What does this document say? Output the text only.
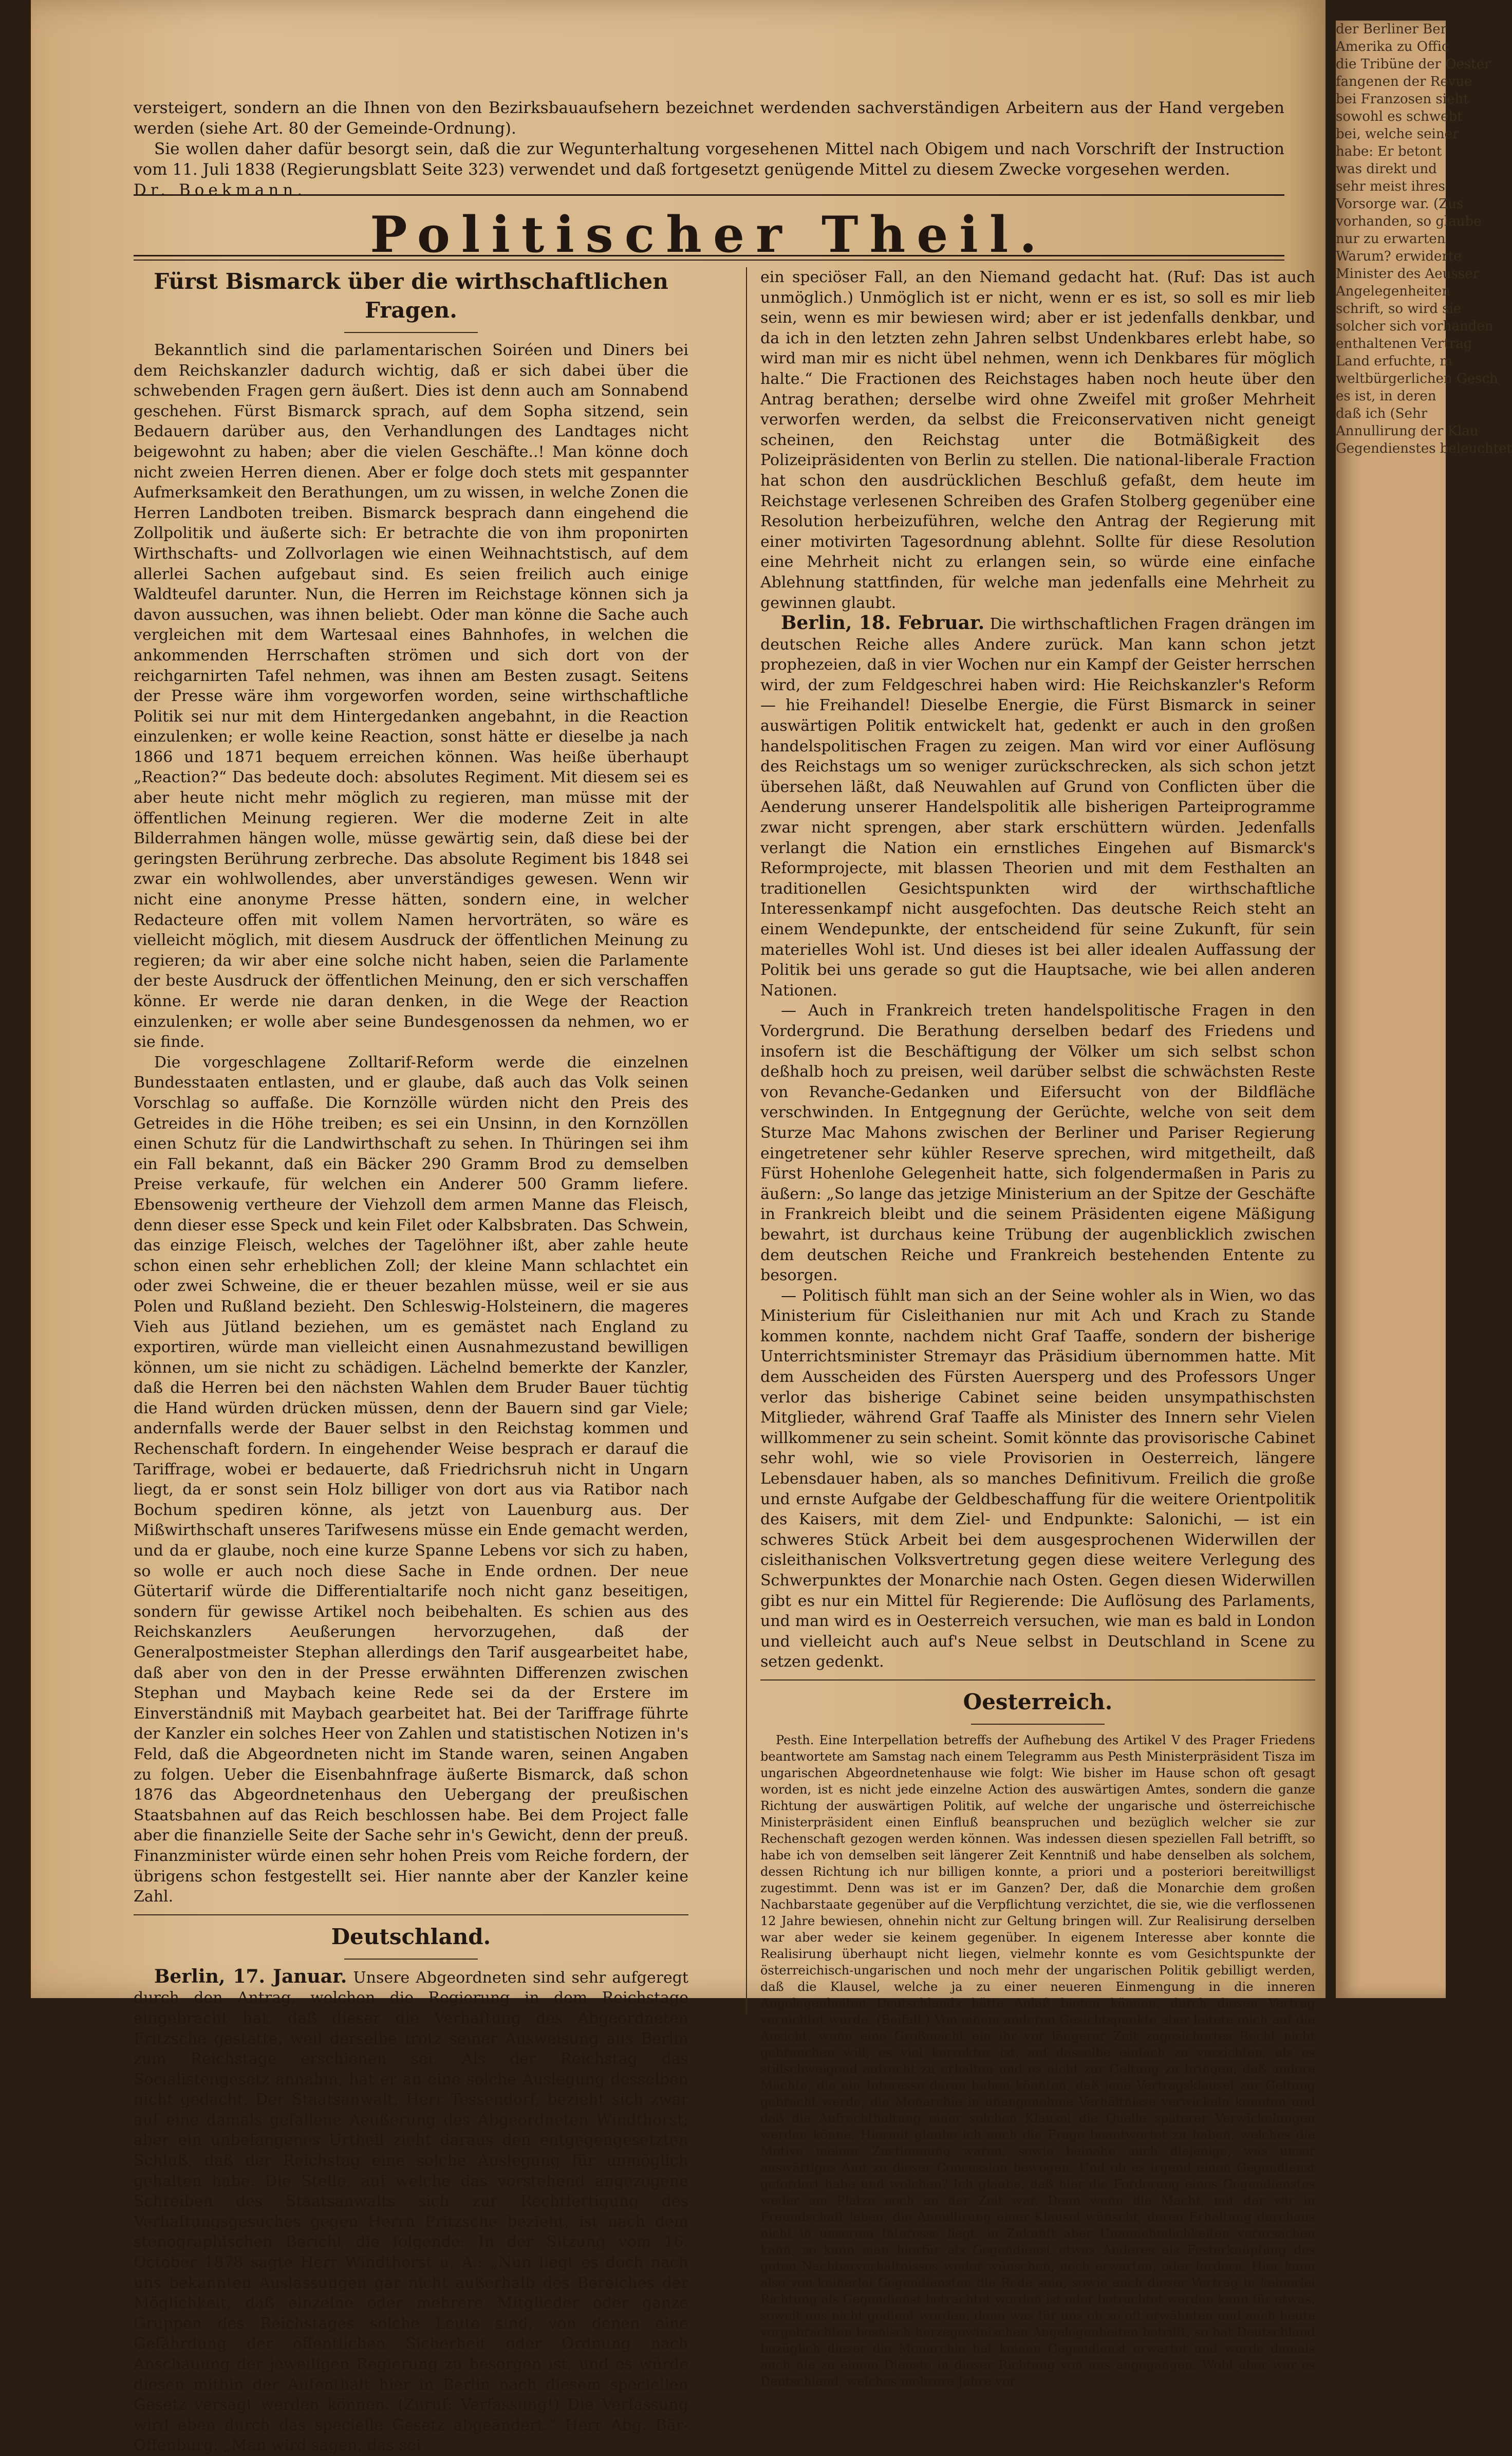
versteigert, sondern an die Ihnen von den Bezirksbauaufsehern bezeichnet werdenden sachverständigen Arbeitern aus der Hand vergeben werden (siehe Art. 80 der Gemeinde-Ordnung).

Sie wollen daher dafür besorgt sein, daß die zur Wegunterhaltung vorgesehenen Mittel nach Obigem und nach Vorschrift der Instruction vom 11. Juli 1838 (Regierungsblatt Seite 323) verwendet und daß fortgesetzt genügende Mittel zu diesem Zwecke vorgesehen werden.

Dr. Boekmann.

Politischer Theil.
Fürst Bismarck über die wirthschaftlichen Fragen.

Bekanntlich sind die parlamentarischen Soiréen und Diners bei dem Reichskanzler dadurch wichtig, daß er sich dabei über die schwebenden Fragen gern äußert. Dies ist denn auch am Sonnabend geschehen. Fürst Bismarck sprach, auf dem Sopha sitzend, sein Bedauern darüber aus, den Verhandlungen des Landtages nicht beigewohnt zu haben; aber die vielen Geschäfte..! Man könne doch nicht zweien Herren dienen. Aber er folge doch stets mit gespannter Aufmerksamkeit den Berathungen, um zu wissen, in welche Zonen die Herren Landboten treiben. Bismarck besprach dann eingehend die Zollpolitik und äußerte sich: Er betrachte die von ihm proponirten Wirthschafts- und Zollvorlagen wie einen Weihnachtstisch, auf dem allerlei Sachen aufgebaut sind. Es seien freilich auch einige Waldteufel darunter. Nun, die Herren im Reichstage können sich ja davon aussuchen, was ihnen beliebt. Oder man könne die Sache auch vergleichen mit dem Wartesaal eines Bahnhofes, in welchen die ankommenden Herrschaften strömen und sich dort von der reichgarnirten Tafel nehmen, was ihnen am Besten zusagt. Seitens der Presse wäre ihm vorgeworfen worden, seine wirthschaftliche Politik sei nur mit dem Hintergedanken angebahnt, in die Reaction einzulenken; er wolle keine Reaction, sonst hätte er dieselbe ja nach 1866 und 1871 bequem erreichen können. Was heiße überhaupt „Reaction?“ Das bedeute doch: absolutes Regiment. Mit diesem sei es aber heute nicht mehr möglich zu regieren, man müsse mit der öffentlichen Meinung regieren. Wer die moderne Zeit in alte Bilderrahmen hängen wolle, müsse gewärtig sein, daß diese bei der geringsten Berührung zerbreche. Das absolute Regiment bis 1848 sei zwar ein wohlwollendes, aber unverständiges gewesen. Wenn wir nicht eine anonyme Presse hätten, sondern eine, in welcher Redacteure offen mit vollem Namen hervorträten, so wäre es vielleicht möglich, mit diesem Ausdruck der öffentlichen Meinung zu regieren; da wir aber eine solche nicht haben, seien die Parlamente der beste Ausdruck der öffentlichen Meinung, den er sich verschaffen könne. Er werde nie daran denken, in die Wege der Reaction einzulenken; er wolle aber seine Bundesgenossen da nehmen, wo er sie finde.

Die vorgeschlagene Zolltarif-Reform werde die einzelnen Bundesstaaten entlasten, und er glaube, daß auch das Volk seinen Vorschlag so auffaße. Die Kornzölle würden nicht den Preis des Getreides in die Höhe treiben; es sei ein Unsinn, in den Kornzöllen einen Schutz für die Landwirthschaft zu sehen. In Thüringen sei ihm ein Fall bekannt, daß ein Bäcker 290 Gramm Brod zu demselben Preise verkaufe, für welchen ein Anderer 500 Gramm liefere. Ebensowenig vertheure der Viehzoll dem armen Manne das Fleisch, denn dieser esse Speck und kein Filet oder Kalbsbraten. Das Schwein, das einzige Fleisch, welches der Tagelöhner ißt, aber zahle heute schon einen sehr erheblichen Zoll; der kleine Mann schlachtet ein oder zwei Schweine, die er theuer bezahlen müsse, weil er sie aus Polen und Rußland bezieht. Den Schleswig-Holsteinern, die mageres Vieh aus Jütland beziehen, um es gemästet nach England zu exportiren, würde man vielleicht einen Ausnahmezustand bewilligen können, um sie nicht zu schädigen. Lächelnd bemerkte der Kanzler, daß die Herren bei den nächsten Wahlen dem Bruder Bauer tüchtig die Hand würden drücken müssen, denn der Bauern sind gar Viele; andernfalls werde der Bauer selbst in den Reichstag kommen und Rechenschaft fordern. In eingehender Weise besprach er darauf die Tariffrage, wobei er bedauerte, daß Friedrichsruh nicht in Ungarn liegt, da er sonst sein Holz billiger von dort aus via Ratibor nach Bochum spediren könne, als jetzt von Lauenburg aus. Der Mißwirthschaft unseres Tarifwesens müsse ein Ende gemacht werden, und da er glaube, noch eine kurze Spanne Lebens vor sich zu haben, so wolle er auch noch diese Sache in Ende ordnen. Der neue Gütertarif würde die Differentialtarife noch nicht ganz beseitigen, sondern für gewisse Artikel noch beibehalten. Es schien aus des Reichskanzlers Aeußerungen hervorzugehen, daß der Generalpostmeister Stephan allerdings den Tarif ausgearbeitet habe, daß aber von den in der Presse erwähnten Differenzen zwischen Stephan und Maybach keine Rede sei da der Erstere im Einverständniß mit Maybach gearbeitet hat. Bei der Tariffrage führte der Kanzler ein solches Heer von Zahlen und statistischen Notizen in's Feld, daß die Abgeordneten nicht im Stande waren, seinen Angaben zu folgen. Ueber die Eisenbahnfrage äußerte Bismarck, daß schon 1876 das Abgeordnetenhaus den Uebergang der preußischen Staatsbahnen auf das Reich beschlossen habe. Bei dem Project falle aber die finanzielle Seite der Sache sehr in's Gewicht, denn der preuß. Finanzminister würde einen sehr hohen Preis vom Reiche fordern, der übrigens schon festgestellt sei. Hier nannte aber der Kanzler keine Zahl.

Deutschland.

Berlin, 17. Januar. Unsere Abgeordneten sind sehr aufgeregt durch den Antrag, welchen die Regierung in dem Reichstage eingebracht hat, daß dieser die Verhaftung des Abgeordneten Fritzsche gestatte, weil derselbe trotz seiner Ausweisung aus Berlin zum Reichstage erschienen sei. Als der Reichstag das Socialistengesetz annahm, hat er an eine solche Auslegung desselben nicht gedacht. Der Staatsanwalt, Herr Tessendorf, bezieht sich zwar auf eine damals gefallene Aeußerung des Abgeordneten Windthorst; aber ein unbefangenes Urtheil zieht daraus den entgegengesetzten Schluß, daß der Reichstag eine solche Auslegung für unmöglich gehalten habe. Die Stelle, auf welche das vorstehend angezogene Schreiben des Staatsanwalts sich zur Rechtfertigung des Verhaftungsgesuches gegen Herrn Fritzsche bezieht, ist nach dem stenographischen Bericht die folgende: In der Sitzung vom 16. October 1878 sagte Herr Windthorst u. A.: „Nun liegt es doch nach uns bekannten Auslassungen gar nicht außerhalb des Bereiches der Möglichkeit, daß einzelne oder mehrere Mitglieder oder ganze Gruppen des Reichstages solche Leute sind, von denen eine Gefährdung der öffentlichen Sicherheit oder Ordnung nach Anschauung der jeweiligen Regierung zu besorgen ist, und es würde diesen mithin der Aufenthalt hier in Berlin nach diesem speciellen Gesetz versagt werden können. (Zuruf: Verfassung!) Die Verfassung wird eben durch das specielle Gesetz abgeändert.“ Herr Abg. Bär-Offenburg: „Man wird sagen, das sei

ein speciöser Fall, an den Niemand gedacht hat. (Ruf: Das ist auch unmöglich.) Unmöglich ist er nicht, wenn er es ist, so soll es mir lieb sein, wenn es mir bewiesen wird; aber er ist jedenfalls denkbar, und da ich in den letzten zehn Jahren selbst Undenkbares erlebt habe, so wird man mir es nicht übel nehmen, wenn ich Denkbares für möglich halte.“ Die Fractionen des Reichstages haben noch heute über den Antrag berathen; derselbe wird ohne Zweifel mit großer Mehrheit verworfen werden, da selbst die Freiconservativen nicht geneigt scheinen, den Reichstag unter die Botmäßigkeit des Polizeipräsidenten von Berlin zu stellen. Die national-liberale Fraction hat schon den ausdrücklichen Beschluß gefaßt, dem heute im Reichstage verlesenen Schreiben des Grafen Stolberg gegenüber eine Resolution herbeizuführen, welche den Antrag der Regierung mit einer motivirten Tagesordnung ablehnt. Sollte für diese Resolution eine Mehrheit nicht zu erlangen sein, so würde eine einfache Ablehnung stattfinden, für welche man jedenfalls eine Mehrheit zu gewinnen glaubt.

Berlin, 18. Februar. Die wirthschaftlichen Fragen drängen im deutschen Reiche alles Andere zurück. Man kann schon jetzt prophezeien, daß in vier Wochen nur ein Kampf der Geister herrschen wird, der zum Feldgeschrei haben wird: Hie Reichskanzler's Reform — hie Freihandel! Dieselbe Energie, die Fürst Bismarck in seiner auswärtigen Politik entwickelt hat, gedenkt er auch in den großen handelspolitischen Fragen zu zeigen. Man wird vor einer Auflösung des Reichstags um so weniger zurückschrecken, als sich schon jetzt übersehen läßt, daß Neuwahlen auf Grund von Conflicten über die Aenderung unserer Handelspolitik alle bisherigen Parteiprogramme zwar nicht sprengen, aber stark erschüttern würden. Jedenfalls verlangt die Nation ein ernstliches Eingehen auf Bismarck's Reformprojecte, mit blassen Theorien und mit dem Festhalten an traditionellen Gesichtspunkten wird der wirthschaftliche Interessenkampf nicht ausgefochten. Das deutsche Reich steht an einem Wendepunkte, der entscheidend für seine Zukunft, für sein materielles Wohl ist. Und dieses ist bei aller idealen Auffassung der Politik bei uns gerade so gut die Hauptsache, wie bei allen anderen Nationen.

— Auch in Frankreich treten handelspolitische Fragen in den Vordergrund. Die Berathung derselben bedarf des Friedens und insofern ist die Beschäftigung der Völker um sich selbst schon deßhalb hoch zu preisen, weil darüber selbst die schwächsten Reste von Revanche-Gedanken und Eifersucht von der Bildfläche verschwinden. In Entgegnung der Gerüchte, welche von seit dem Sturze Mac Mahons zwischen der Berliner und Pariser Regierung eingetretener sehr kühler Reserve sprechen, wird mitgetheilt, daß Fürst Hohenlohe Gelegenheit hatte, sich folgendermaßen in Paris zu äußern: „So lange das jetzige Ministerium an der Spitze der Geschäfte in Frankreich bleibt und die seinem Präsidenten eigene Mäßigung bewahrt, ist durchaus keine Trübung der augenblicklich zwischen dem deutschen Reiche und Frankreich bestehenden Entente zu besorgen.

— Politisch fühlt man sich an der Seine wohler als in Wien, wo das Ministerium für Cisleithanien nur mit Ach und Krach zu Stande kommen konnte, nachdem nicht Graf Taaffe, sondern der bisherige Unterrichtsminister Stremayr das Präsidium übernommen hatte. Mit dem Ausscheiden des Fürsten Auersperg und des Professors Unger verlor das bisherige Cabinet seine beiden unsympathischsten Mitglieder, während Graf Taaffe als Minister des Innern sehr Vielen willkommener zu sein scheint. Somit könnte das provisorische Cabinet sehr wohl, wie so viele Provisorien in Oesterreich, längere Lebensdauer haben, als so manches Definitivum. Freilich die große und ernste Aufgabe der Geldbeschaffung für die weitere Orientpolitik des Kaisers, mit dem Ziel- und Endpunkte: Salonichi, — ist ein schweres Stück Arbeit bei dem ausgesprochenen Widerwillen der cisleithanischen Volksvertretung gegen diese weitere Verlegung des Schwerpunktes der Monarchie nach Osten. Gegen diesen Widerwillen gibt es nur ein Mittel für Regierende: Die Auflösung des Parlaments, und man wird es in Oesterreich versuchen, wie man es bald in London und vielleicht auch auf's Neue selbst in Deutschland in Scene zu setzen gedenkt.

Oesterreich.

Pesth. Eine Interpellation betreffs der Aufhebung des Artikel V des Prager Friedens beantwortete am Samstag nach einem Telegramm aus Pesth Ministerpräsident Tisza im ungarischen Abgeordnetenhause wie folgt: Wie bisher im Hause schon oft gesagt worden, ist es nicht jede einzelne Action des auswärtigen Amtes, sondern die ganze Richtung der auswärtigen Politik, auf welche der ungarische und österreichische Ministerpräsident einen Einfluß beanspruchen und bezüglich welcher sie zur Rechenschaft gezogen werden können. Was indessen diesen speziellen Fall betrifft, so habe ich von demselben seit längerer Zeit Kenntniß und habe denselben als solchem, dessen Richtung ich nur billigen konnte, a priori und a posteriori bereitwilligst zugestimmt. Denn was ist er im Ganzen? Der, daß die Monarchie dem großen Nachbarstaate gegenüber auf die Verpflichtung verzichtet, die sie, wie die verflossenen 12 Jahre bewiesen, ohnehin nicht zur Geltung bringen will. Zur Realisirung derselben war aber weder sie keinem gegenüber. In eigenem Interesse aber konnte die Realisirung überhaupt nicht liegen, vielmehr konnte es vom Gesichtspunkte der österreichisch-ungarischen und noch mehr der ungarischen Politik gebilligt werden, daß die Klausel, welche ja zu einer neueren Einmengung in die inneren Angelegenheiten Deutschlands hätte Anlaß bieten können, durch diesen Vertrag vernichtet wurde. (Beifall.) Von einem anderen Gesichtspunkte aber leitete mich auf die Ansicht, wenn eine Großmacht ein ihr vor längerer Zeit zugesichertes Recht nicht gebrauchen will, es viel korrekter ist, auf dasselbe einfach zu verzichten, als es stillschweigend aufrecht zu erhalten und es nicht zur Geltung zu bringen; daß andere Mächte, die ein Interesse daran haben könnten, daß jene Vertragsklausel zur Geltung gebracht werde, die Monarchie in unangenehme Verhältnisse verwickeln konnten und daß die Aufrechthaltung einer solchen Klausel die Quelle späterer Verwickelungen werden könne. Hiermit glaube ich auch die Frage beantwortet zu haben, welches die Motive meiner Zustimmung waren, sowie beinahe auch diejenige, was unser auswärtiges Amt zu dieser Concession bewogen. Und ob es irgend einen Gegendienst gefordert habe und welchen? Ich glaube, daß hier die Forderung eines Gegendienstes weder am Platze noch an der Zeit war. Denn wenn die Macht, mit der wir in Freundschaft leben, die Annullirung einer Klausel wünscht, deren Erhaltung durchaus nicht in unserem Interesse liegt, in Zukunft aber Unannehmlichkeiten verursachen kann, so kann man hierfür als Gegendienst etwas Anderes als Festerknüpfung des guten Nachbarverhältnisses weder wünschen, noch erwarten, oder fordern. Hier kann also von keinerlei Gegendiensten die Rede sein, sowie auch dieser Vertrag in keinerlei Richtung als Gegendienst betrachtet worden ist oder betrachtet werden kann für etwas, soweit uns nicht gedient worden; denn was für uns ob so oft erwähnten und auch heute vorgebrachten bosnisch-herzegowinischen Angelegenheiten betrifft, so hat Deutschland bezüglich dieser die Monarchie hat keinen Gegendienst erwartet und wurde damals auch nie zu einem Dienste in dieser Richtung von uns angegangen. Wohl aber war es Deutschland, welches mehrere Jahre vor

der Berliner Ber

Amerika zu Offic

die Tribüne der Oester

fangenen der Revue

bei Franzosen sieht

sowohl es schwebt

bei, welche seiner

habe: Er betont

was direkt und

sehr meist ihres

Vorsorge war. (Zus

vorhanden, so glaube

nur zu erwarten

Warum? erwiderte

Minister des Aeusser

Angelegenheiten

schrift, so wird sie

solcher sich vorhanden

enthaltenen Vertrag

Land erfuchte, m

weltbürgerlichen Gesch

es ist, in deren

daß ich (Sehr

Annullirung der Klau

Gegendienstes beleuchtet
